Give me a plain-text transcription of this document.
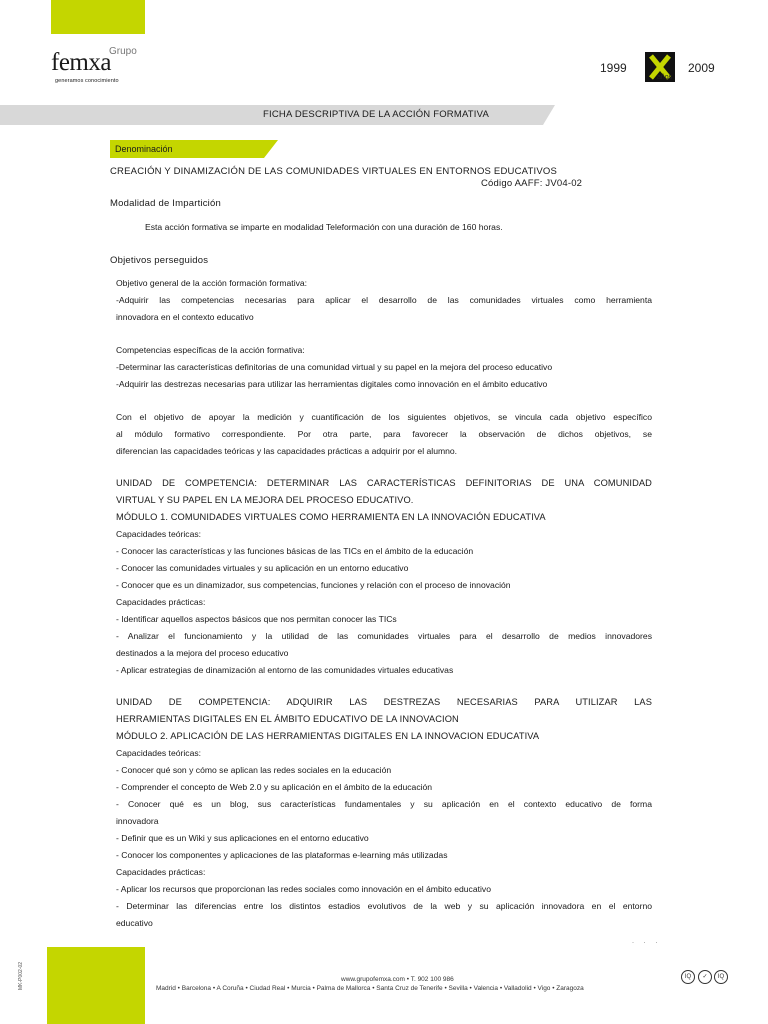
Grupo
femxa
generamos conocimiento
1999
años
2009
FICHA DESCRIPTIVA DE LA ACCIÓN FORMATIVA
Denominación
CREACIÓN Y DINAMIZACIÓN DE LAS COMUNIDADES VIRTUALES EN ENTORNOS EDUCATIVOS
Código AAFF: JV04-02
Modalidad de Impartición
Esta acción formativa se imparte en modalidad Teleformación con una duración de 160 horas.
Objetivos perseguidos
Objetivo general de la acción formación formativa:
-Adquirir las competencias necesarias para aplicar el desarrollo de las comunidades virtuales como herramienta
innovadora en el contexto educativo
Competencias específicas de la acción formativa:
-Determinar las características definitorias de una comunidad virtual y su papel en la mejora del proceso educativo
-Adquirir las destrezas necesarias para utilizar las herramientas digitales como innovación en el ámbito educativo
Con el objetivo de apoyar la medición y cuantificación de los siguientes objetivos, se vincula cada objetivo específico
al módulo formativo correspondiente. Por otra parte, para favorecer la observación de dichos objetivos, se
diferencian las capacidades teóricas y las capacidades prácticas a adquirir por el alumno.
UNIDAD DE COMPETENCIA: DETERMINAR LAS CARACTERÍSTICAS DEFINITORIAS DE UNA COMUNIDAD
VIRTUAL Y SU PAPEL EN LA MEJORA DEL PROCESO EDUCATIVO.
MÓDULO 1. COMUNIDADES VIRTUALES COMO HERRAMIENTA EN LA INNOVACIÓN EDUCATIVA
Capacidades teóricas:
- Conocer las características y las funciones básicas de las TICs en el ámbito de la educación
- Conocer las comunidades virtuales y su aplicación en un entorno educativo
- Conocer que es un dinamizador, sus competencias, funciones y relación con el proceso de innovación
Capacidades prácticas:
- Identificar aquellos aspectos básicos que nos permitan conocer las TICs
- Analizar el funcionamiento y la utilidad de las comunidades virtuales para el desarrollo de medios innovadores
destinados a la mejora del proceso educativo
- Aplicar estrategias de dinamización al entorno de las comunidades virtuales educativas
UNIDAD DE COMPETENCIA: ADQUIRIR LAS DESTREZAS NECESARIAS PARA UTILIZAR LAS
HERRAMIENTAS DIGITALES EN EL ÁMBITO EDUCATIVO DE LA INNOVACION
MÓDULO 2. APLICACIÓN DE LAS HERRAMIENTAS DIGITALES EN LA INNOVACION EDUCATIVA
Capacidades teóricas:
- Conocer qué son y cómo se aplican las redes sociales en la educación
- Comprender el concepto de Web 2.0 y su aplicación en el ámbito de la educación
- Conocer qué es un blog, sus características fundamentales y su aplicación en el contexto educativo de forma
innovadora
- Definir que es un Wiki y sus aplicaciones en el entorno educativo
- Conocer los componentes y aplicaciones de las plataformas e-learning más utilizadas
Capacidades prácticas:
- Aplicar los recursos que proporcionan las redes sociales como innovación en el ámbito educativo
- Determinar las diferencias entre los distintos estadios evolutivos de la web y su aplicación innovadora en el entorno
educativo
· · ·
MK-P002-02	www.grupofemxa.com • T. 902 100 986
Madrid • Barcelona • A Coruña • Ciudad Real • Murcia • Palma de Mallorca • Santa Cruz de Tenerife • Sevilla • Valencia • Valladolid • Vigo • Zaragoza
IQ	✓	IQ
